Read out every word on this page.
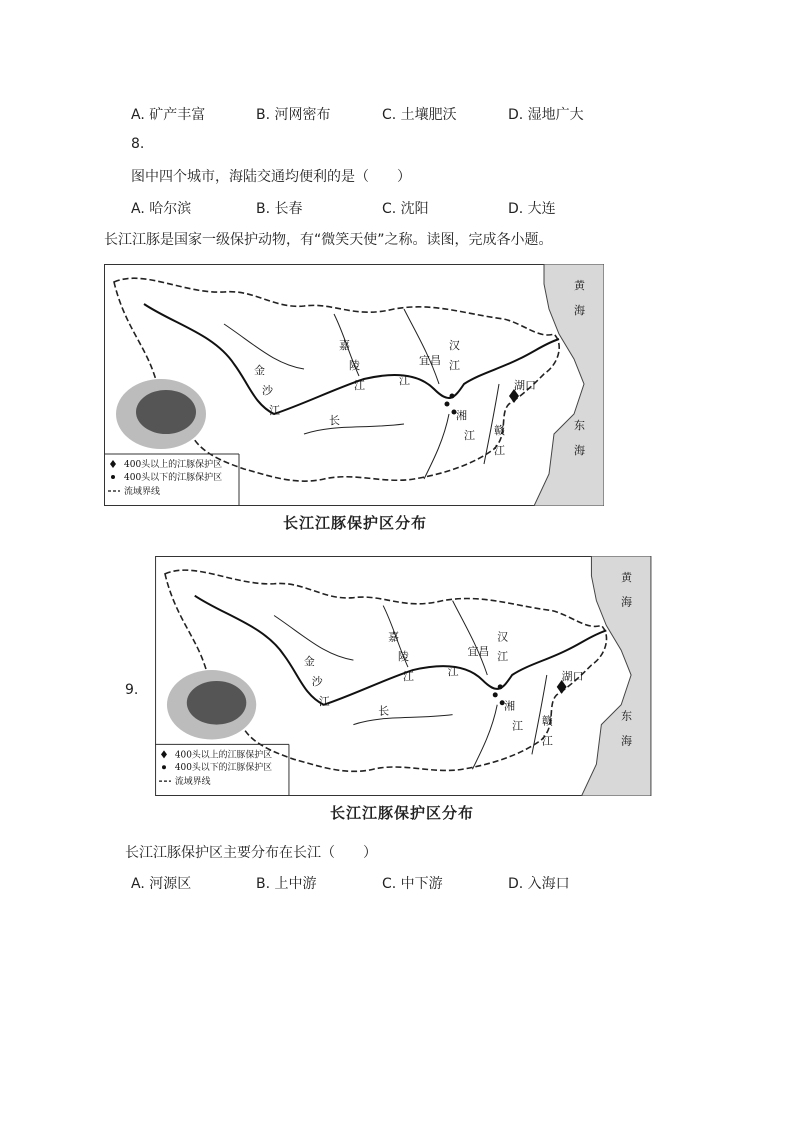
A. 矿产丰富	B. 河网密布	C. 土壤肥沃	D. 湿地广大
8.
图中四个城市，海陆交通均便利的是（　　）
A. 哈尔滨	B. 长春	C. 沈阳	D. 大连
长江江豚是国家一级保护动物，有“微笑天使”之称。读图，完成各小题。
400头以上的江豚保护区
400头以下的江豚保护区
流域界线
黄
海
东
海
嘉
陵
江
汉
江
宜昌
金
沙
江
长
江
湘
江 赣
江
湖口
长江江豚保护区分布
9.
400头以上的江豚保护区
400头以下的江豚保护区
流域界线
黄
海
东
海
嘉
陵
江
汉
江
宜昌
金
沙
江
长
江
湘
江 赣
江
湖口
长江江豚保护区分布
长江江豚保护区主要分布在长江（　　）
A. 河源区	B. 上中游	C. 中下游	D. 入海口
